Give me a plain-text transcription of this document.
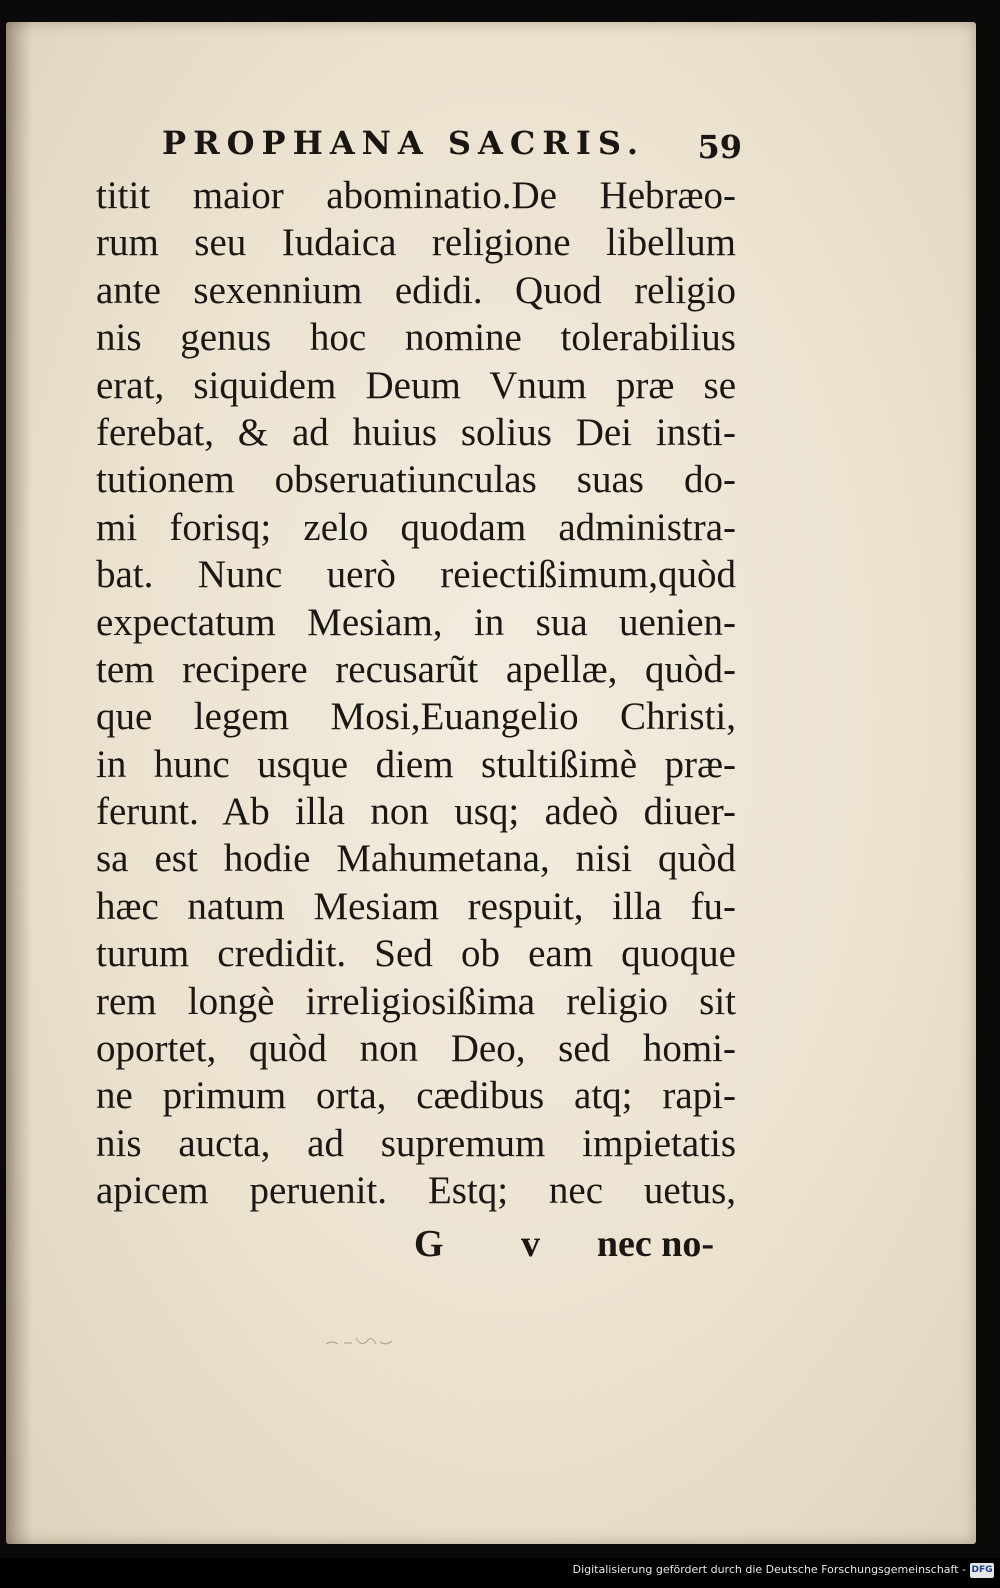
PROPHANA SACRIS. 59
titit maior abominatio.De Hebræo-
rum seu Iudaica religione libellum
ante sexennium edidi. Quod religio
nis genus hoc nomine tolerabilius
erat, siquidem Deum Vnum præ se
ferebat, & ad huius solius Dei insti-
tutionem obseruatiunculas suas do-
mi forisq; zelo quodam administra-
bat. Nunc uerò reiectißimum,quòd
expectatum Mesiam, in sua uenien-
tem recipere recusarũt apellæ, quòd-
que legem Mosi,Euangelio Christi,
in hunc usque diem stultißimè præ-
ferunt. Ab illa non usq; adeò diuer-
sa est hodie Mahumetana, nisi quòd
hæc natum Mesiam respuit, illa fu-
turum credidit. Sed ob eam quoque
rem longè irreligiosißima religio sit
oportet, quòd non Deo, sed homi-
ne primum orta, cædibus atq; rapi-
nis aucta, ad supremum impietatis
apicem peruenit. Estq; nec uetus,
G v nec no-
Digitalisierung gefördert durch die Deutsche Forschungsgemeinschaft - DFG
